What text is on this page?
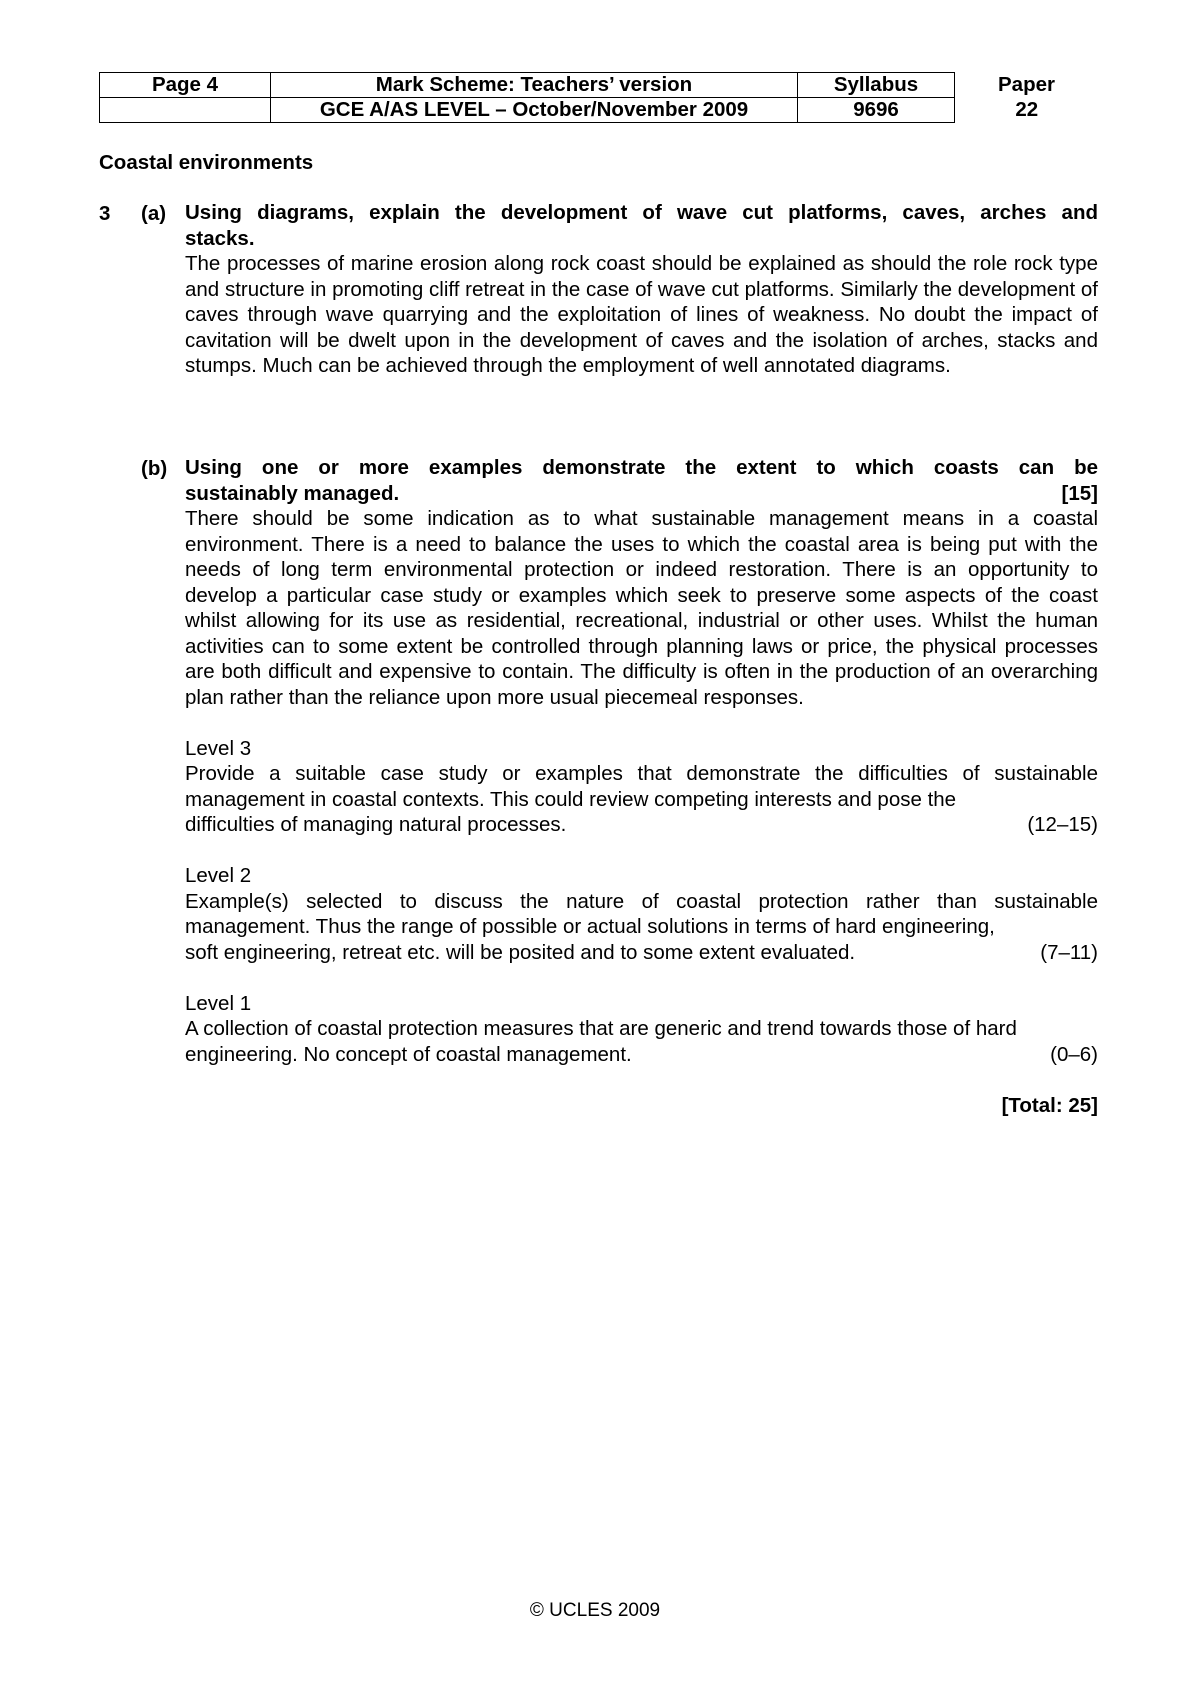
Page 4	Mark Scheme: Teachers’ version	Syllabus	Paper
	GCE A/AS LEVEL – October/November 2009	9696	22
Coastal environments
3 (a) Using diagrams, explain the development of wave cut platforms, caves, arches and
stacks.
The processes of marine erosion along rock coast should be explained as should the role rock type and structure in promoting cliff retreat in the case of wave cut platforms. Similarly the development of caves through wave quarrying and the exploitation of lines of weakness. No doubt the impact of cavitation will be dwelt upon in the development of caves and the isolation of arches, stacks and stumps. Much can be achieved through the employment of well annotated diagrams.
(b) Using one or more examples demonstrate the extent to which coasts can be
sustainably managed.	[15]
There should be some indication as to what sustainable management means in a coastal environment. There is a need to balance the uses to which the coastal area is being put with the needs of long term environmental protection or indeed restoration. There is an opportunity to develop a particular case study or examples which seek to preserve some aspects of the coast whilst allowing for its use as residential, recreational, industrial or other uses. Whilst the human activities can to some extent be controlled through planning laws or price, the physical processes are both difficult and expensive to contain. The difficulty is often in the production of an overarching plan rather than the reliance upon more usual piecemeal responses.
Level 3
Provide a suitable case study or examples that demonstrate the difficulties of sustainable management in coastal contexts. This could review competing interests and pose the
difficulties of managing natural processes.	(12–15)
Level 2
Example(s) selected to discuss the nature of coastal protection rather than sustainable management. Thus the range of possible or actual solutions in terms of hard engineering,
soft engineering, retreat etc. will be posited and to some extent evaluated.	(7–11)
Level 1
A collection of coastal protection measures that are generic and trend towards those of hard
engineering. No concept of coastal management.	(0–6)
[Total: 25]
© UCLES 2009
